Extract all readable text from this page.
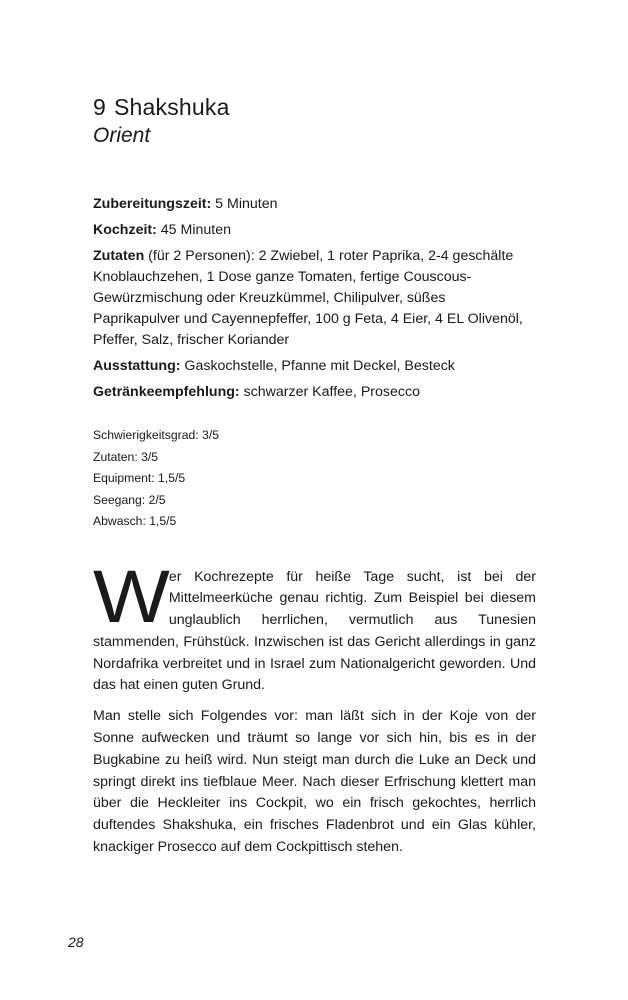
9 Shakshuka
Orient

Zubereitungszeit: 5 Minuten

Kochzeit: 45 Minuten

Zutaten (für 2 Personen): 2 Zwiebel, 1 roter Paprika, 2-4 geschälte Knoblauchzehen, 1 Dose ganze Tomaten, fertige Couscous-Gewürzmischung oder Kreuzkümmel, Chilipulver, süßes Paprikapulver und Cayennepfeffer, 100 g Feta, 4 Eier, 4 EL Olivenöl, Pfeffer, Salz, frischer Koriander

Ausstattung: Gaskochstelle, Pfanne mit Deckel, Besteck

Getränkeempfehlung: schwarzer Kaffee, Prosecco

Schwierigkeitsgrad: 3/5
Zutaten: 3/5
Equipment: 1,5/5
Seegang: 2/5
Abwasch: 1,5/5

Wer Kochrezepte für heiße Tage sucht, ist bei der Mittelmeerküche genau richtig. Zum Beispiel bei diesem unglaublich herrlichen, vermutlich aus Tunesien stammenden, Frühstück. Inzwischen ist das Gericht allerdings in ganz Nordafrika verbreitet und in Israel zum Nationalgericht geworden. Und das hat einen guten Grund.

Man stelle sich Folgendes vor: man läßt sich in der Koje von der Sonne aufwecken und träumt so lange vor sich hin, bis es in der Bugkabine zu heiß wird. Nun steigt man durch die Luke an Deck und springt direkt ins tiefblaue Meer. Nach dieser Erfrischung klettert man über die Heckleiter ins Cockpit, wo ein frisch gekochtes, herrlich duftendes Shakshuka, ein frisches Fladenbrot und ein Glas kühler, knackiger Prosecco auf dem Cockpittisch stehen.

28
